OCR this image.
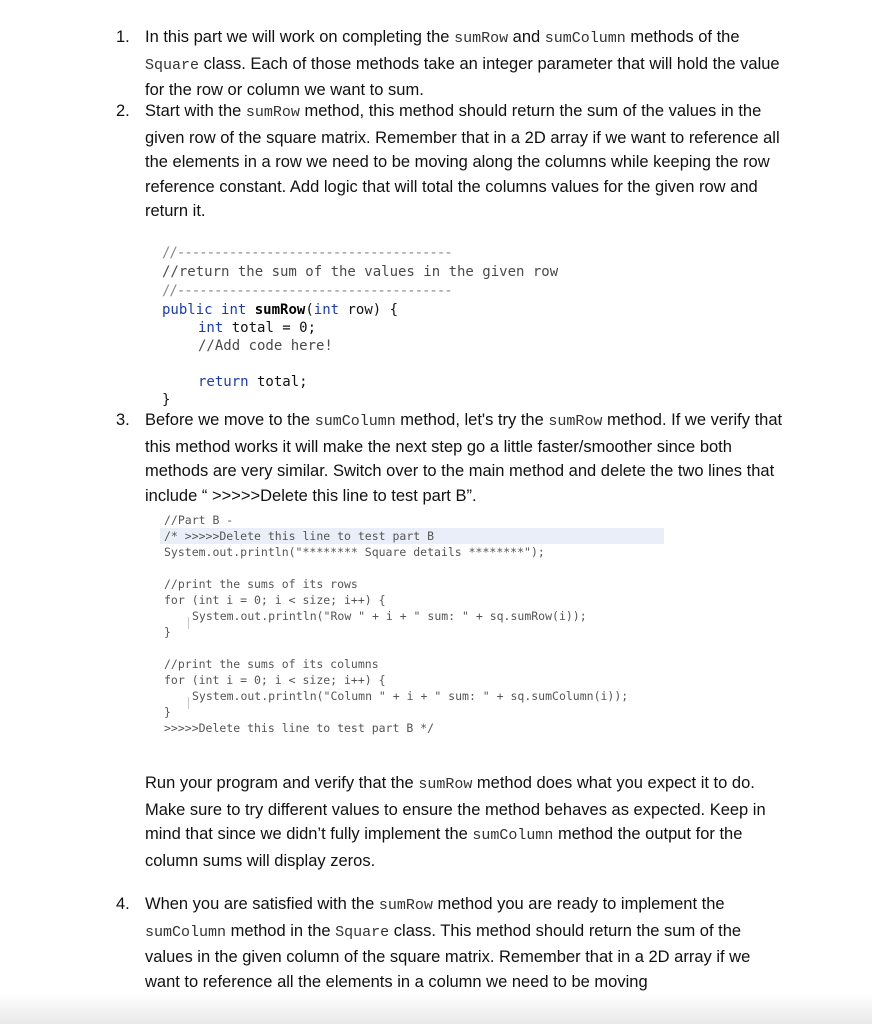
1. In this part we will work on completing the sumRow and sumColumn methods of the Square class. Each of those methods take an integer parameter that will hold the value for the row or column we want to sum.

2. Start with the sumRow method, this method should return the sum of the values in the given row of the square matrix. Remember that in a 2D array if we want to reference all the elements in a row we need to be moving along the columns while keeping the row reference constant. Add logic that will total the columns values for the given row and return it.

//-------------------------------------
//return the sum of the values in the given row
//-------------------------------------
public int sumRow(int row) {
int total = 0;
//Add code here!
return total;
}
3. Before we move to the sumColumn method, let's try the sumRow method. If we verify that this method works it will make the next step go a little faster/smoother since both methods are very similar. Switch over to the main method and delete the two lines that include “ >>>>>Delete this line to test part B”.

//Part B -
/* >>>>>Delete this line to test part B
System.out.println("******** Square details ********");
//print the sums of its rows
for (int i = 0; i < size; i++) {
System.out.println("Row " + i + " sum: " + sq.sumRow(i));
}
//print the sums of its columns
for (int i = 0; i < size; i++) {
System.out.println("Column " + i + " sum: " + sq.sumColumn(i));
}
>>>>>Delete this line to test part B */

Run your program and verify that the sumRow method does what you expect it to do. Make sure to try different values to ensure the method behaves as expected. Keep in mind that since we didn’t fully implement the sumColumn method the output for the column sums will display zeros.

4. When you are satisfied with the sumRow method you are ready to implement the sumColumn method in the Square class. This method should return the sum of the values in the given column of the square matrix. Remember that in a 2D array if we want to reference all the elements in a column we need to be moving
